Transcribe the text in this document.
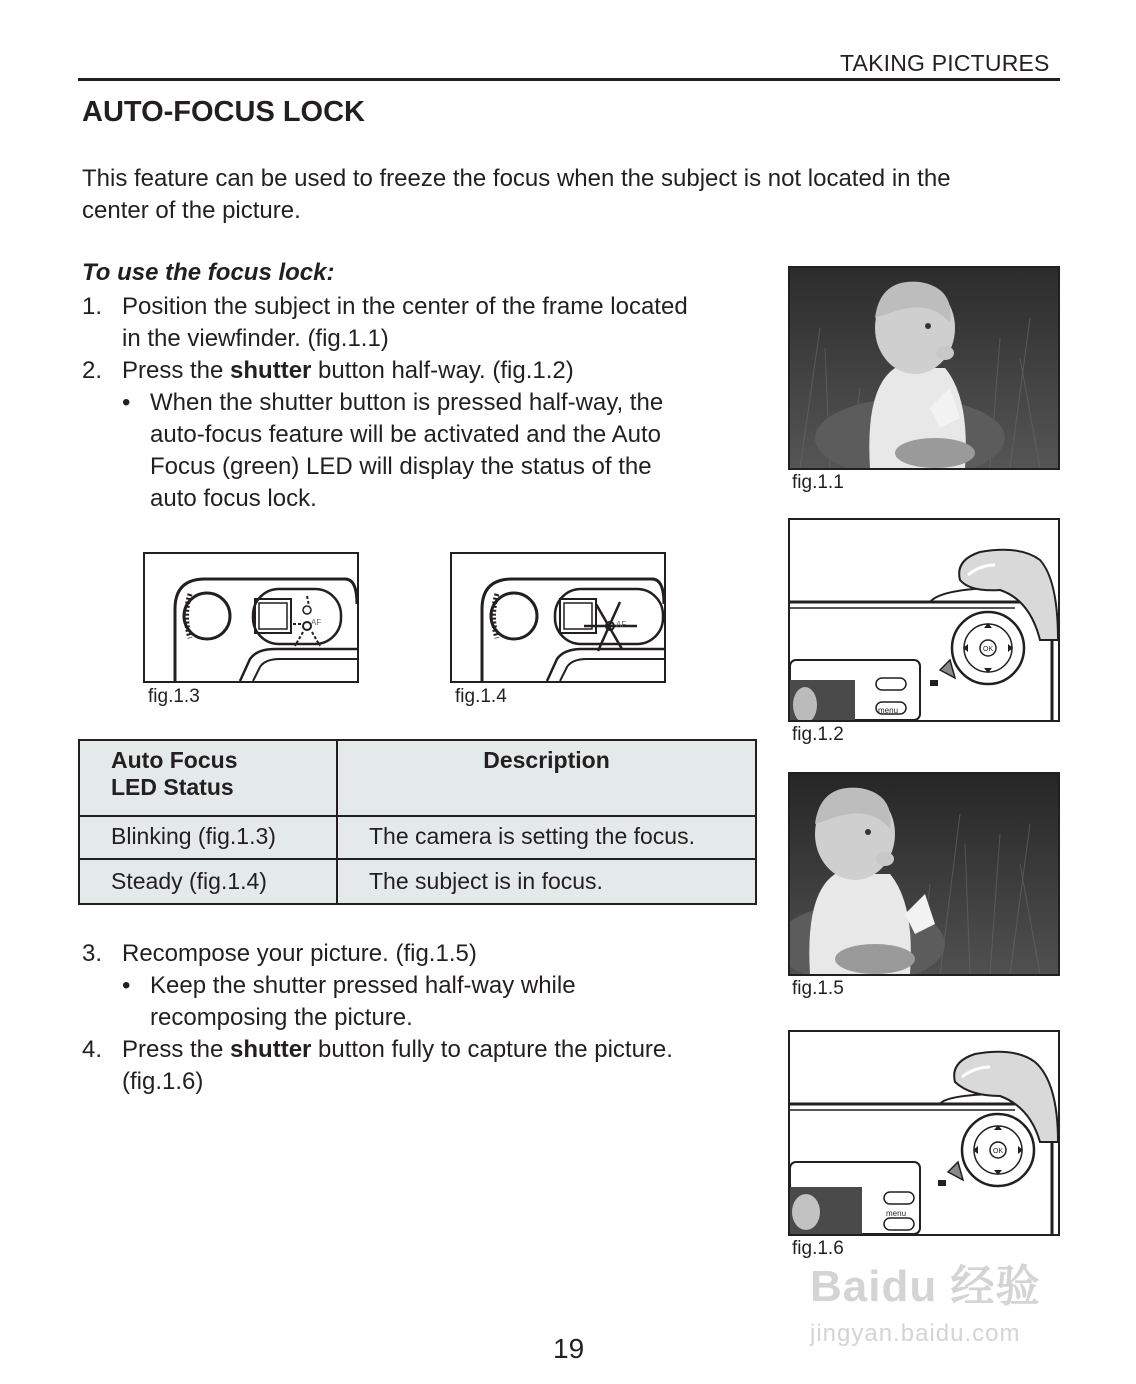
TAKING PICTURES
AUTO-FOCUS LOCK
This feature can be used to freeze the focus when the subject is not located in the
center of the picture.
To use the focus lock:
1. Position the subject in the center of the frame located
in the viewfinder. (fig.1.1)
2. Press the shutter button half-way. (fig.1.2)
• When the shutter button is pressed half-way, the
auto-focus feature will be activated and the Auto
Focus (green) LED will display the status of the
auto focus lock.
AF
fig.1.3
AF
fig.1.4
Auto Focus
LED Status	Description
Blinking (fig.1.3)	The camera is setting the focus.
Steady (fig.1.4)	The subject is in focus.
3. Recompose your picture. (fig.1.5)
• Keep the shutter pressed half-way while
recomposing the picture.
4. Press the shutter button fully to capture the picture.
(fig.1.6)
fig.1.1
OK
menu
fig.1.2
fig.1.5
OK
menu
fig.1.6
Baidu 经验
jingyan.baidu.com
19
